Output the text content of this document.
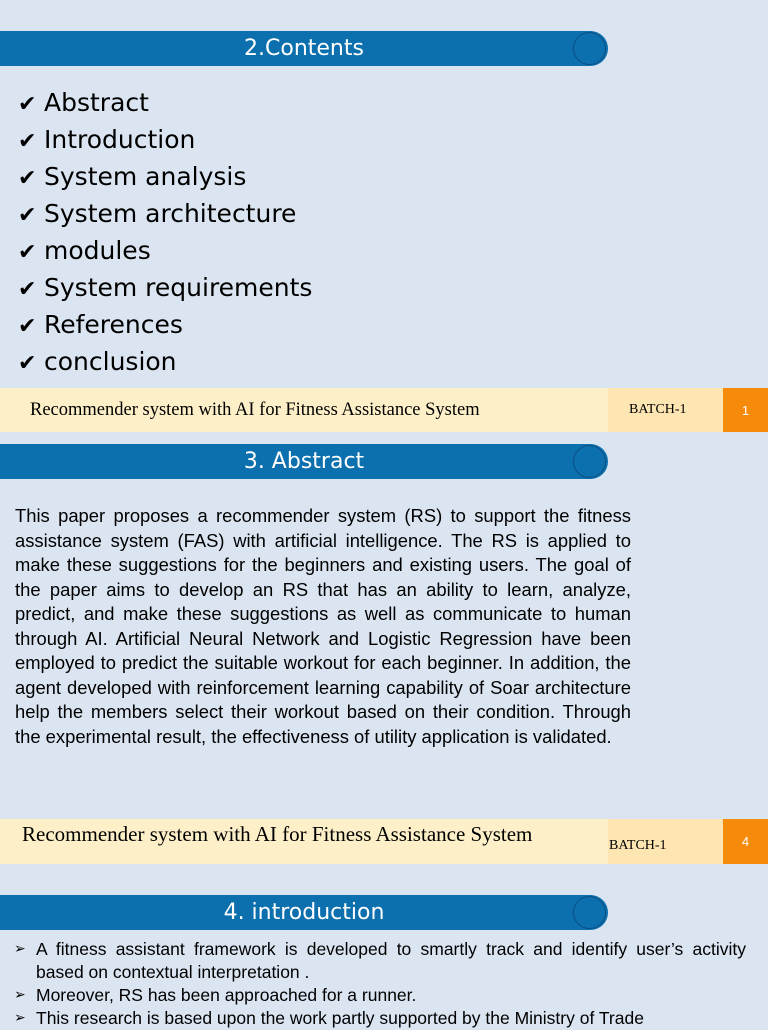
2.Contents
✔ Abstract
✔ Introduction
✔ System analysis
✔ System architecture
✔ modules
✔ System requirements
✔ References
✔ conclusion
Recommender system with AI for Fitness Assistance System	BATCH-1	1
3. Abstract

This paper proposes a recommender system (RS) to support the fitness assistance system (FAS) with artificial intelligence. The RS is applied to make these suggestions for the beginners and existing users. The goal of the paper aims to develop an RS that has an ability to learn, analyze, predict, and make these suggestions as well as communicate to human through AI. Artificial Neural Network and Logistic Regression have been employed to predict the suitable workout for each beginner. In addition, the agent developed with reinforcement learning capability of Soar architecture help the members select their workout based on their condition. Through the experimental result, the effectiveness of utility application is validated.

Recommender system with AI for Fitness Assistance System	BATCH-1	4
4. introduction
➢ A fitness assistant framework is developed to smartly track and identify user’s activity based on contextual interpretation .
➢ Moreover, RS has been approached for a runner.
➢ This research is based upon the work partly supported by the Ministry of Trade
